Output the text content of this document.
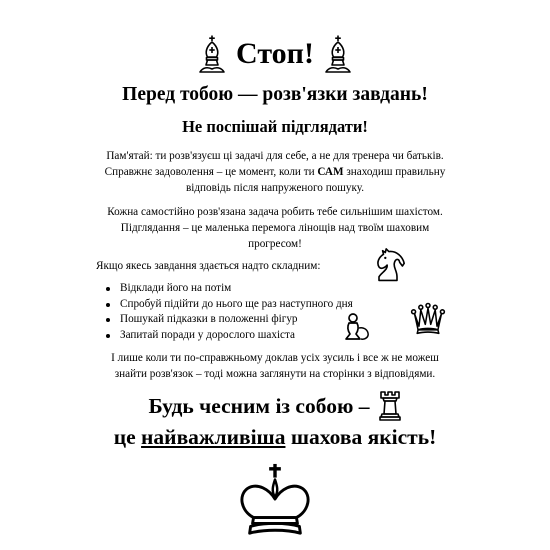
Стоп!
Перед тобою — розв'язки завдань!
Не поспішай підглядати!
Пам'ятай: ти розв'язуєш ці задачі для себе, а не для тренера чи батьків. Справжнє задоволення – це момент, коли ти САМ знаходиш правильну відповідь після напруженого пошуку.
Кожна самостійно розв'язана задача робить тебе сильнішим шахістом. Підглядання – це маленька перемога лінощів над твоїм шаховим прогресом!
Якщо якесь завдання здається надто складним:
Відклади його на потім
Спробуй підійти до нього ще раз наступного дня
Пошукай підказки в положенні фігур
Запитай поради у дорослого шахіста
І лише коли ти по-справжньому доклав усіх зусиль і все ж не можеш знайти розв'язок – тоді можна заглянути на сторінки з відповідями.
Будь чесним із собою –
це найважливіша шахова якість!
